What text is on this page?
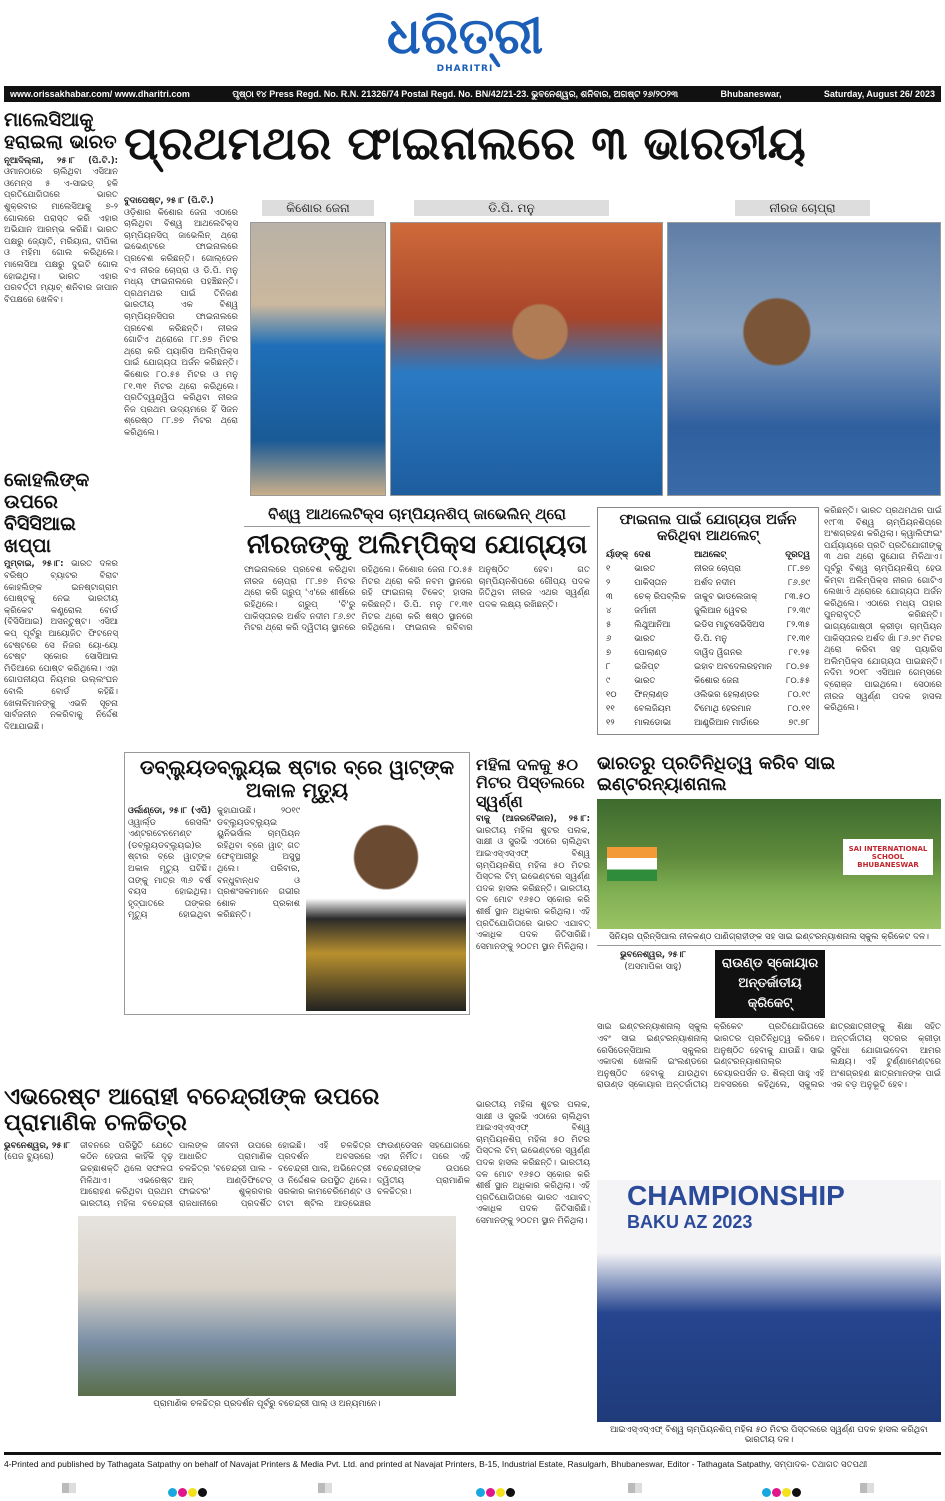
ଧରିତ୍ରୀ
DHARITRI
www.orissakhabar.com/ www.dharitri.com	ପୃଷ୍ଠା ୧୪ Press Regd. No. R.N. 21326/74 Postal Regd. No. BN/42/21-23. ଭୁବନେଶ୍ୱର, ଶନିବାର, ଅଗଷ୍ଟ ୨୬/୨୦୨୩	Bhubaneswar,	Saturday, August 26/ 2023
ମାଲେସିଆକୁ ହରାଇଲା ଭାରତ
ନୂଆଦିଲ୍ଲୀ, ୨୫।୮ (ପି.ଟି.): ଓମାନଠାରେ ଚାଲିଥିବା ଏସିଆନ ଓମେନ୍ସ ୫ ଏ-ସାଇଡ୍ ହକି ପ୍ରତିଯୋଗିତାରେ ଭାରତ ଶୁକ୍ରବାର ମାଲେସିଆକୁ ୭-୨ ଗୋଲରେ ପରାସ୍ତ କରି ଏହାର ଅଭିଯାନ ଆରମ୍ଭ କରିଛି। ଭାରତ ପକ୍ଷରୁ ଜ୍ୟୋତି, ମରିୟାନା, ଦୀପିକା ଓ ମହିମା ଗୋଲ କରିଥିଲେ। ମାଲେସିଆ ପକ୍ଷରୁ ଦୁଇଟି ଗୋଲ ହୋଇଥିଲା। ଭାରତ ଏହାର ପରବର୍ତ୍ତୀ ମ୍ୟାଚ୍ ଶନିବାର ଜାପାନ ବିପକ୍ଷରେ ଖେଳିବ।
କୋହଲିଙ୍କ ଉପରେ ବିସିସିଆଇ ଖପ୍ପା
ମୁମ୍ବାଇ, ୨୫।୮: ଭାରତ ଦଳର ବରିଷ୍ଠ ବ୍ୟାଟର ବିରାଟ କୋହଲିଙ୍କ ଇନଷ୍ଟାଗ୍ରାମ ପୋଷ୍ଟକୁ ନେଇ ଭାରତୀୟ କ୍ରିକେଟ କଣ୍ଟ୍ରୋଲ ବୋର୍ଡ (ବିସିସିଆଇ) ଅସନ୍ତୁଷ୍ଟ। ଏସିଆ କପ୍ ପୂର୍ବରୁ ଆୟୋଜିତ ଫିଟନେସ୍ ଟେଷ୍ଟରେ ସେ ନିଜର ୟୋ-ୟୋ ଟେଷ୍ଟ ସ୍କୋର ସୋସିଆଲ ମିଡିଆରେ ପୋଷ୍ଟ କରିଥିଲେ। ଏହା ଗୋପନୀୟତା ନିୟମର ଉଲ୍ଲଂଘନ ବୋଲି ବୋର୍ଡ କହିଛି। ଖେଳାଳିମାନଙ୍କୁ ଏଭଳି ସୂଚନା ସାର୍ବଜନୀନ ନକରିବାକୁ ନିର୍ଦ୍ଦେଶ ଦିଆଯାଇଛି।
ପ୍ରଥମଥର ଫାଇନାଲରେ ୩ ଭାରତୀୟ
ବୁଦାପେଷ୍ଟ, ୨୫।୮ (ପି.ଟି.)
ଓଡ଼ିଶାର କିଶୋର ଜେନା ଏଠାରେ ଚାଲିଥିବା ବିଶ୍ୱ ଆଥଲେଟିକ୍ସ ଚାମ୍ପିୟନସିପ୍ ଜାଭେଲିନ୍ ଥ୍ରୋ ଇଭେଣ୍ଟରେ ଫାଇନାଲରେ ପ୍ରବେଶ କରିଛନ୍ତି। ଗୋଲ୍ଡେନ ବଏ ନୀରଜ ଚୋପ୍ରା ଓ ଡି.ପି. ମନୁ ମଧ୍ୟ ଫାଇନାଲରେ ପହଞ୍ଚିଛନ୍ତି। ପ୍ରଥମଥର ପାଇଁ ତିନିଜଣ ଭାରତୀୟ ଏକ ବିଶ୍ୱ ଚାମ୍ପିୟନସିପର ଫାଇନାଲରେ ପ୍ରବେଶ କରିଛନ୍ତି। ନୀରଜ ଗୋଟିଏ ଥ୍ରୋରେ ୮୮.୭୭ ମିଟର ଥ୍ରୋ କରି ପ୍ୟାରିସ ଅଲିମ୍ପିକ୍ସ ପାଇଁ ଯୋଗ୍ୟତା ଅର୍ଜନ କରିଛନ୍ତି। କିଶୋର ୮୦.୫୫ ମିଟର ଓ ମନୁ ୮୧.୩୧ ମିଟର ଥ୍ରୋ କରିଥିଲେ। ପ୍ରତିଦ୍ୱନ୍ଦ୍ୱିତା କରିଥିବା ନୀରଜ ନିଜ ପ୍ରଥମ ଉଦ୍ୟମରେ ହିଁ ସିଜନ ଶ୍ରେଷ୍ଠ ୮୮.୭୭ ମିଟର ଥ୍ରୋ କରିଥିଲେ।
କିଶୋର ଜେନା	ଡି.ପି. ମନୁ	ନୀରଜ ଚୋପ୍ରା
ବିଶ୍ୱ ଆଥଲେଟିକ୍ସ ଚାମ୍ପିୟନଶିପ୍ ଜାଭେଲିନ୍ ଥ୍ରୋ
ନୀରଜଙ୍କୁ ଅଲିମ୍ପିକ୍ସ ଯୋଗ୍ୟତା
ଫାଇନାଲରେ ପ୍ରବେଶ କରିଥିବା ନୀରଜ ଚୋପ୍ରା ୮୮.୭୭ ମିଟର ଥ୍ରୋ କରି ଗ୍ରୁପ୍ 'ଏ'ରେ ଶୀର୍ଷରେ ରହିଥିଲେ। ଗ୍ରୁପ୍ 'ବି'ରୁ ପାକିସ୍ତାନର ଅର୍ଶଦ ନଦୀମ ୮୬.୭୯ ମିଟର ଥ୍ରୋ କରି ଦ୍ୱିତୀୟ ସ୍ଥାନରେ ରହିଥିଲେ। କିଶୋର ଜେନା ୮୦.୫୫ ମିଟର ଥ୍ରୋ କରି ନବମ ସ୍ଥାନରେ ରହି ଫାଇନାଲ୍ ଟିକେଟ୍ ହାସଲ କରିଛନ୍ତି। ଡି.ପି. ମନୁ ୮୧.୩୧ ମିଟର ଥ୍ରୋ କରି ଷଷ୍ଠ ସ୍ଥାନରେ ରହିଥିଲେ। ଫାଇନାଲ ରବିବାର ଅନୁଷ୍ଠିତ ହେବ। ଗତ ଚାମ୍ପିୟନଶିପରେ ରୌପ୍ୟ ପଦକ ଜିତିଥିବା ନୀରଜ ଏଥର ସ୍ୱର୍ଣ୍ଣ ପଦକ ଲକ୍ଷ୍ୟ ରଖିଛନ୍ତି।
ଫାଇନାଲ ପାଇଁ ଯୋଗ୍ୟତା ଅର୍ଜନ କରିଥିବା ଆଥଲେଟ୍
ର୍ୟାଙ୍କ୍	ଦେଶ	ଆଥଲେଟ୍	ଦୂରତ୍ୱ
୧	ଭାରତ	ନୀରଜ ଚୋପ୍ରା	୮୮.୭୭
୨	ପାକିସ୍ତାନ	ଅର୍ଶଦ ନଦୀମ	୮୬.୭୯
୩	ଚେକ୍ ରିପବ୍ଲିକ	ଜାକୁବ ଭାଡଲେଜାକ୍	୮୩.୫୦
୪	ଜର୍ମାନୀ	ଜୁଲିଆନ ୱେବର	୮୨.୩୯
୫	ଲିଥୁଆନିଆ	ଇଡିସ ମାଟୁସେଭିସିଅସ	୮୨.୩୫
୬	ଭାରତ	ଡି.ପି. ମନୁ	୮୧.୩୧
୭	ପୋଲାଣ୍ଡ	ଦାୱିଦ ୱିଗନର	୮୧.୨୫
୮	ଇଜିପ୍ଟ	ଇହାବ ଅବଦେଲରହମାନ	୮୦.୭୫
୯	ଭାରତ	କିଶୋର ଜେନା	୮୦.୫୫
୧୦	ଫିନ୍‌ଲାଣ୍ଡ	ଓଲିଭର ହେଲାଣ୍ଡର	୮୦.୧୯
୧୧	ବେଲଜିୟମ	ଟିମୋଥି ହେରମାନ	୮୦.୧୧
୧୨	ମାଲଡୋଭା	ଆଣ୍ଡ୍ରିଆନ ମାର୍ଡାରେ	୭୯.୭୮
କରିଛନ୍ତି। ଭାରତ ପ୍ରଥମଥର ପାଇଁ ୧୯୮୩ ବିଶ୍ୱ ଚାମ୍ପିୟନଶିପ୍‌ରେ ଅଂଶଗ୍ରହଣ କରିଥିଲା। କ୍ୱାଲିଫାଇଂ ପର୍ଯ୍ୟାୟରେ ପ୍ରତି ପ୍ରତିଯୋଗୀଙ୍କୁ ୩ ଥର ଥ୍ରୋ ସୁଯୋଗ ମିଳିଥାଏ। ପୂର୍ବରୁ ବିଶ୍ୱ ଚାମ୍ପିୟନଶିପ୍ ହେଉ କିମ୍ବା ଅଲିମ୍ପିକ୍ସ ନୀରଜ ଗୋଟିଏ ଲେଖାଏଁ ଥ୍ରୋରେ ଯୋଗ୍ୟତା ଅର୍ଜନ କରିଥିଲେ। ଏଠାରେ ମଧ୍ୟ ତାହାର ପୁନରାବୃତ୍ତି କରିଛନ୍ତି। ଭାଗ୍ୟଗୋଷ୍ଠୀ କ୍ରୀଡ଼ା ଚାମ୍ପିୟନ ପାକିସ୍ତାନର ଅର୍ଶଦ ଖାଁ ୮୬.୭୯ ମିଟର ଥ୍ରୋ କରିବା ସହ ପ୍ୟାରିସ ଅଲିମ୍ପିକ୍ସ ଯୋଗ୍ୟତା ପାଇଛନ୍ତି। ନଦିମ ୨୦୧୮ ଏସିଆନ ଗେମ୍ସରେ ବ୍ରୋଞ୍ଜ ପାଇଥିଲେ। ସେଠାରେ ନୀରଜ ସ୍ୱର୍ଣ୍ଣ ପଦକ ହାସଲ କରିଥିଲେ।
ଡବ୍ଲ୍ୟୁଡବ୍ଲ୍ୟୁଇ ଷ୍ଟାର ବ୍ରେ ୱାଟ୍‌ଙ୍କ ଅକାଳ ମୃତ୍ୟୁ
ଓର୍ଲାଣ୍ଡୋ, ୨୫।୮ (ଏପି) ଓ୍ୱାର୍ଲ୍ଡ ରେସଲିଂ ଏଣ୍ଟରଟେନମେଣ୍ଟ (ଡବ୍ଲ୍ୟୁଡବ୍ଲ୍ୟୁଇ)ର ଷ୍ଟାର ବ୍ରେ ୱାଟ୍‌ଙ୍କ ଅକାଳ ମୃତ୍ୟୁ ଘଟିଛି। ତାଙ୍କୁ ମାତ୍ର ୩୬ ବର୍ଷ ବୟସ ହୋଇଥିଲା। ହୃଦ୍‌ଘାତରେ ତାଙ୍କର ମୃତ୍ୟୁ ହୋଇଥିବା କୁହାଯାଉଛି। ୨୦୧୯ ଡବ୍ଲ୍ୟୁଡବ୍ଲ୍ୟୁଇ ୟୁନିଭର୍ସାଲ ଚାମ୍ପିୟନ ରହିଥିବା ବ୍ରେ ୱାଟ୍ ଗତ ଫେବୃଆରୀରୁ ଅସୁସ୍ଥ ଥିଲେ। ପରିବାର, ବନ୍ଧୁବାନ୍ଧବ ଓ ପ୍ରଶଂସକମାନେ ଗଭୀର ଶୋକ ପ୍ରକାଶ କରିଛନ୍ତି।
ମହିଳା ଦଳକୁ ୫୦ ମିଟର ପିସ୍ତଲରେ ସ୍ୱର୍ଣ୍ଣ
ବାକୁ (ଆଜରବୈଜାନ), ୨୫।୮: ଭାରତୀୟ ମହିଳା ଶୁଟର ପଲକ, ସାକ୍ଷୀ ଓ ସୁରଭି ଏଠାରେ ଚାଲିଥିବା ଆଇଏସ୍‌ଏସ୍‌ଏଫ୍ ବିଶ୍ୱ ଚାମ୍ପିୟନଶିପ୍ ମହିଳା ୫୦ ମିଟର ପିସ୍ତଲ ଟିମ୍ ଇଭେଣ୍ଟରେ ସ୍ୱର୍ଣ୍ଣ ପଦକ ହାସଲ କରିଛନ୍ତି। ଭାରତୀୟ ଦଳ ମୋଟ ୧୬୫୦ ସ୍କୋର କରି ଶୀର୍ଷ ସ୍ଥାନ ଅଧିକାର କରିଥିଲା। ଏହି ପ୍ରତିଯୋଗିତାରେ ଭାରତ ଏଯାବତ୍ ଏକାଧିକ ପଦକ ଜିତିସାରିଛି। ସେମାନଙ୍କୁ ୨୦ତମ ସ୍ଥାନ ମିଳିଥିଲା।
ଭାରତରୁ ପ୍ରତିନିଧିତ୍ୱ କରିବ ସାଇ ଇଣ୍ଟରନ୍ୟାଶନାଲ
SAI INTERNATIONAL SCHOOL BHUBANESWAR
ସିନିୟର ପ୍ରିନ୍ସିପାଲ ନୀଳକଣ୍ଠ ପାଣିଗ୍ରାହୀଙ୍କ ସହ ସାଇ ଇଣ୍ଟରନ୍ୟାଶନାଲ ସ୍କୁଲ କ୍ରିକେଟ ଦଳ।
ଭୁବନେଶ୍ୱର, ୨୫।୮
(ଅସମାପିକା ସାହୁ)	ରାଉଣ୍ଡ ସ୍କୋୟାର ଅନ୍ତର୍ଜାତୀୟ କ୍ରିକେଟ୍
ସାଇ ଇଣ୍ଟରନ୍ୟାଶନାଲ୍ ସ୍କୁଲ ଏବଂ ସାଇ ଇଣ୍ଟରନ୍ୟାଶନାଲ୍ ରେସିଡେନ୍ସିଆଲ ସ୍କୁଲର ଏକାଦଶ ଖେଳାଳି ଇଂଲଣ୍ଡରେ ଅନୁଷ୍ଠିତ ହେବାକୁ ଯାଉଥିବା ରାଉଣ୍ଡ ସ୍କୋୟାର ଅନ୍ତର୍ଜାତୀୟ କ୍ରିକେଟ ପ୍ରତିଯୋଗିତାରେ ଭାରତର ପ୍ରତିନିଧିତ୍ୱ କରିବେ। ଅନୁଷ୍ଠିତ ହେବାକୁ ଯାଉଛି। ସାଇ ଇଣ୍ଟରନ୍ୟାଶନାଲ୍‌ର ଚେୟାରପର୍ସନ ଡ. ଶିଲ୍ପୀ ସାହୁ ଏହି ଅବସରରେ କହିଥିଲେ, ସ୍କୁଲର ଛାତ୍ରଛାତ୍ରୀଙ୍କୁ ଶିକ୍ଷା ସହିତ ଅନ୍ତର୍ଜାତୀୟ ସ୍ତରର କ୍ରୀଡ଼ା ସୁବିଧା ଯୋଗାଇଦେବା ଆମର ଲକ୍ଷ୍ୟ। ଏହି ଟୁର୍ଣ୍ଣାମେଣ୍ଟରେ ଅଂଶଗ୍ରହଣ ଛାତ୍ରମାନଙ୍କ ପାଇଁ ଏକ ବଡ଼ ଅନୁଭୂତି ହେବ।
ଏଭରେଷ୍ଟ ଆରୋହୀ ବଚେନ୍ଦ୍ରୀଙ୍କ ଉପରେ ପ୍ରାମାଣିକ ଚଳଚ୍ଚିତ୍ର
ଭୁବନେଶ୍ୱର, ୨୫।୮
(ପେଜ ବ୍ୟୁରୋ)
ଜୀବନରେ ପରିସ୍ଥିତି ଯେତେ କଠିନ ହେଉନା କାହିଁକି ଦୃଢ଼ ଇଚ୍ଛାଶକ୍ତି ଥିଲେ ସଫଳତା ମିଳିଥାଏ। ଏଭରେଷ୍ଟ ଆରୋହଣ କରିଥିବା ପ୍ରଥମ ଭାରତୀୟ ମହିଳା ବଚେନ୍ଦ୍ରୀ ପାଲଙ୍କ ଜୀବନୀ ଉପରେ ଆଧାରିତ ପ୍ରାମାଣିକ ଚଳଚ୍ଚିତ୍ର 'ବଚେନ୍ଦ୍ରୀ ପାଲ - ଆନ୍ ଆଣ୍ଡିଫିଟେଡ୍ ଫାଇଟର' ଶୁକ୍ରବାର ରାଜଧାନୀରେ ପ୍ରଦର୍ଶିତ ହୋଇଛି। ଏହି ଚଳଚ୍ଚିତ୍ର ପ୍ରଦର୍ଶନ ଅବସରରେ ବଚେନ୍ଦ୍ରୀ ପାଲ, ଅଭିନେତ୍ରୀ ଓ ନିର୍ଦ୍ଦେଶକ ଉପସ୍ଥିତ ଥିଲେ। ସରକାର କାମଚେରିମେଣ୍ଟ ଓ ଟାଟା ଷ୍ଟିଲ ଆଡ୍‌ଭେଞ୍ଚର ଫାଉଣ୍ଡେସନ ସହଯୋଗରେ ଏହା ନିର୍ମିତ। ପରେ ଏହି ବଚେନ୍ଦ୍ରୀଙ୍କ ଉପରେ ଦ୍ୱିତୀୟ ପ୍ରାମାଣିକ ଚଳଚ୍ଚିତ୍ର।
ପ୍ରାମାଣିକ ଚଳଚ୍ଚିତ୍ର ପ୍ରଦର୍ଶନ ପୂର୍ବରୁ ବଚେନ୍ଦ୍ରୀ ପାଲ୍ ଓ ଅନ୍ୟମାନେ।
ଭାରତୀୟ ମହିଳା ଶୁଟର ପଲକ, ସାକ୍ଷୀ ଓ ସୁରଭି ଏଠାରେ ଚାଲିଥିବା ଆଇଏସ୍‌ଏସ୍‌ଏଫ୍ ବିଶ୍ୱ ଚାମ୍ପିୟନଶିପ୍ ମହିଳା ୫୦ ମିଟର ପିସ୍ତଲ ଟିମ୍ ଇଭେଣ୍ଟରେ ସ୍ୱର୍ଣ୍ଣ ପଦକ ହାସଲ କରିଛନ୍ତି। ଭାରତୀୟ ଦଳ ମୋଟ ୧୬୫୦ ସ୍କୋର କରି ଶୀର୍ଷ ସ୍ଥାନ ଅଧିକାର କରିଥିଲା। ଏହି ପ୍ରତିଯୋଗିତାରେ ଭାରତ ଏଯାବତ୍ ଏକାଧିକ ପଦକ ଜିତିସାରିଛି। ସେମାନଙ୍କୁ ୨୦ତମ ସ୍ଥାନ ମିଳିଥିଲା।
CHAMPIONSHIP
BAKU AZ 2023
ଆଇଏସ୍‌ଏସ୍‌ଏଫ୍ ବିଶ୍ୱ ଚାମ୍ପିୟନଶିପ୍ ମହିଳା ୫୦ ମିଟର ପିସ୍ତଲରେ ସ୍ୱର୍ଣ୍ଣ ପଦକ ହାସଲ କରିଥିବା ଭାରତୀୟ ଦଳ।
4-Printed and published by Tathagata Satpathy on behalf of Navajat Printers & Media Pvt. Ltd. and printed at Navajat Printers, B-15, Industrial Estate, Rasulgarh, Bhubaneswar, Editor - Tathagata Satpathy, ସମ୍ପାଦକ- ତଥାଗତ ସତପଥୀ
